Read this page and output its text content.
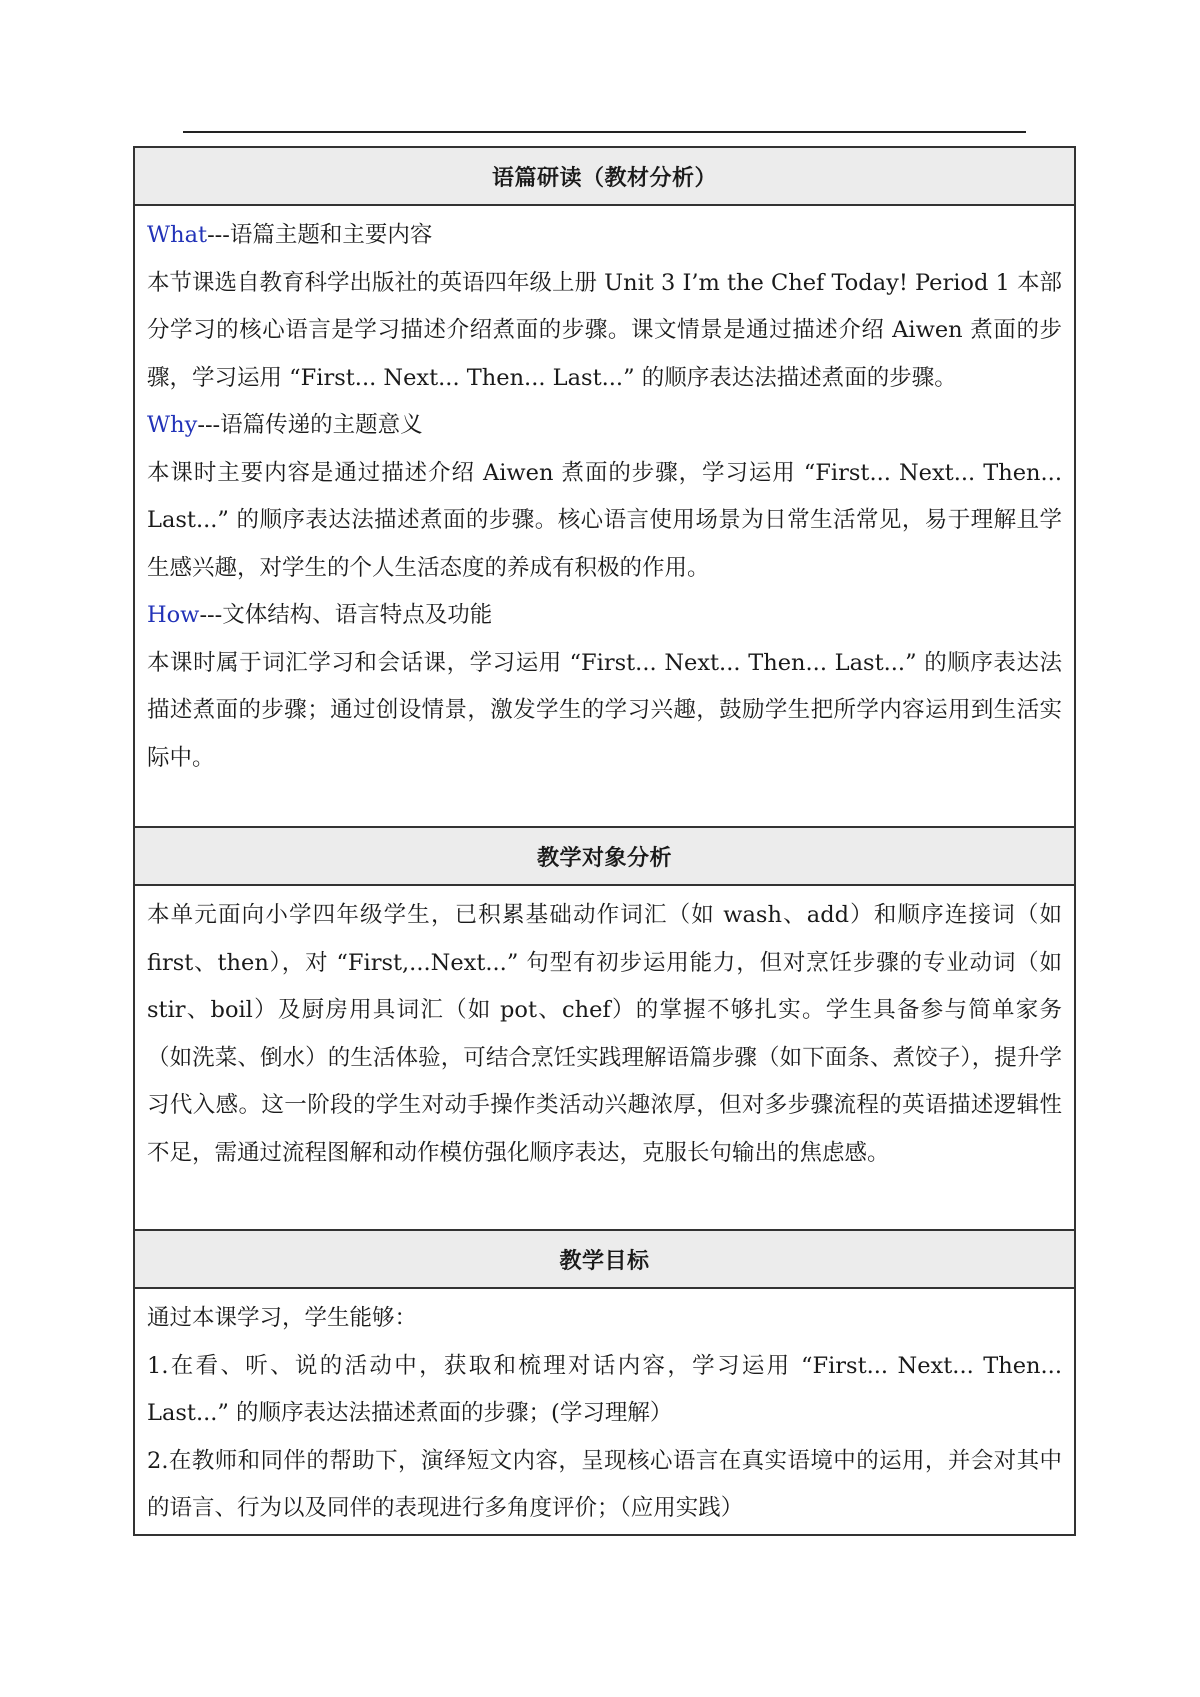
语篇研读（教材分析）

What---语篇主题和主要内容

本节课选自教育科学出版社的英语四年级上册 Unit 3 I’m the Chef Today! Period 1 本部分学习的核心语言是学习描述介绍煮面的步骤。课文情景是通过描述介绍 Aiwen 煮面的步骤，学习运用 “First... Next... Then... Last...” 的顺序表达法描述煮面的步骤。

Why---语篇传递的主题意义

本课时主要内容是通过描述介绍 Aiwen 煮面的步骤，学习运用 “First... Next... Then... Last...” 的顺序表达法描述煮面的步骤。核心语言使用场景为日常生活常见，易于理解且学生感兴趣，对学生的个人生活态度的养成有积极的作用。

How---文体结构、语言特点及功能

本课时属于词汇学习和会话课，学习运用 “First... Next... Then... Last...” 的顺序表达法描述煮面的步骤；通过创设情景，激发学生的学习兴趣，鼓励学生把所学内容运用到生活实际中。

教学对象分析

本单元面向小学四年级学生，已积累基础动作词汇（如 wash、add）和顺序连接词（如 first、then），对 “First,...Next...” 句型有初步运用能力，但对烹饪步骤的专业动词（如 stir、boil）及厨房用具词汇（如 pot、chef）的掌握不够扎实。学生具备参与简单家务（如洗菜、倒水）的生活体验，可结合烹饪实践理解语篇步骤（如下面条、煮饺子），提升学习代入感。这一阶段的学生对动手操作类活动兴趣浓厚，但对多步骤流程的英语描述逻辑性不足，需通过流程图解和动作模仿强化顺序表达，克服长句输出的焦虑感。

教学目标

通过本课学习，学生能够：

1.在看、听、说的活动中，获取和梳理对话内容，学习运用 “First... Next... Then... Last...” 的顺序表达法描述煮面的步骤；(学习理解）

2.在教师和同伴的帮助下，演绎短文内容，呈现核心语言在真实语境中的运用，并会对其中的语言、行为以及同伴的表现进行多角度评价；（应用实践）
